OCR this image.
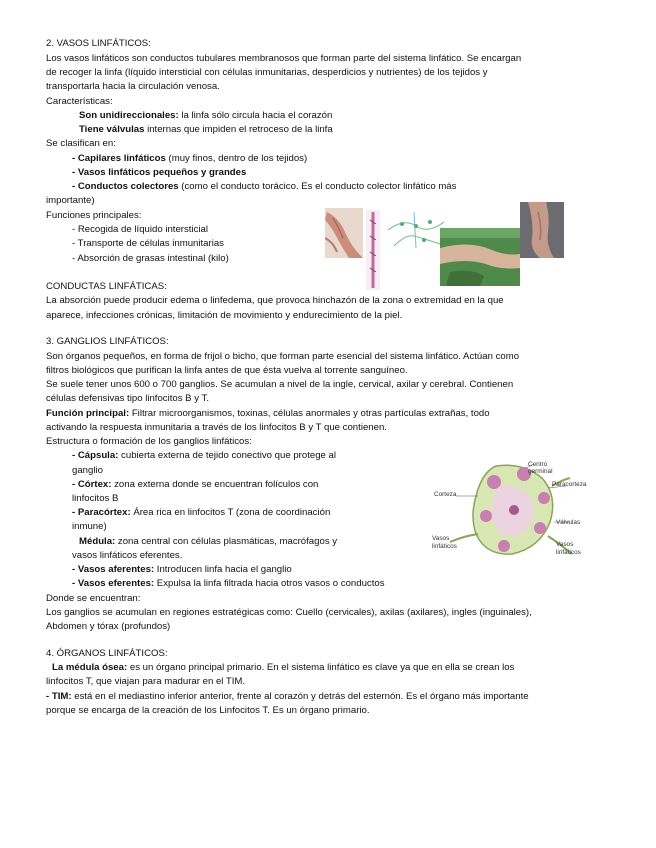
2. VASOS LINFÁTICOS:
Los vasos linfáticos son conductos tubulares membranosos que forman parte del sistema linfático. Se encargan
de recoger la linfa (líquido intersticial con células inmunitarias, desperdicios y nutrientes) de los tejidos y
transportarla hacia la circulación venosa.
Características:
Son unidireccionales: la linfa sólo circula hacia el corazón
Tiene válvulas internas que impiden el retroceso de la linfa
Se clasifican en:
- Capilares linfáticos (muy finos, dentro de los tejidos)
- Vasos linfáticos pequeños y grandes
- Conductos colectores (como el conducto torácico. Es el conducto colector linfático más
importante)
Funciones principales:
- Recogida de líquido intersticial
- Transporte de células inmunitarias
- Absorción de grasas intestinal (kilo)
CONDUCTAS LINFÁTICAS:
La absorción puede producir edema o linfedema, que provoca hinchazón de la zona o extremidad en la que
aparece, infecciones crónicas, limitación de movimiento y endurecimiento de la piel.
3. GANGLIOS LINFÁTICOS:
Son órganos pequeños, en forma de frijol o bicho, que forman parte esencial del sistema linfático. Actúan como
filtros biológicos que purifican la linfa antes de que ésta vuelva al torrente sanguíneo.
Se suele tener unos 600 o 700 ganglios. Se acumulan a nivel de la ingle, cervical, axilar y cerebral. Contienen
células defensivas tipo linfocitos B y T.
Función principal: Filtrar microorganismos, toxinas, células anormales y otras partículas extrañas, todo
activando la respuesta inmunitaria a través de los linfocitos B y T que contienen.
Estructura o formación de los ganglios linfáticos:
- Cápsula: cubierta externa de tejido conectivo que protege al
ganglio
- Córtex: zona externa donde se encuentran folículos con
linfocitos B
- Paracórtex: Área rica en linfocitos T (zona de coordinación
inmune)
Médula: zona central con células plasmáticas, macrófagos y
vasos linfáticos eferentes.
- Vasos aferentes: Introducen linfa hacia el ganglio
- Vasos eferentes: Expulsa la linfa filtrada hacia otros vasos o conductos
Donde se encuentran:
Los ganglios se acumulan en regiones estratégicas como: Cuello (cervicales), axilas (axilares), ingles (inguinales),
Abdomen y tórax (profundos)
Centro
germinal
Corteza
Paracorteza
Válvulas
Vasos
linfáticos	Vasos
linfáticos
4. ÓRGANOS LINFÁTICOS:
La médula ósea: es un órgano principal primario. En el sistema linfático es clave ya que en ella se crean los
linfocitos T, que viajan para madurar en el TIM.
- TIM: está en el mediastino inferior anterior, frente al corazón y detrás del esternón. Es el órgano más importante
porque se encarga de la creación de los Linfocitos T. Es un órgano primario.
